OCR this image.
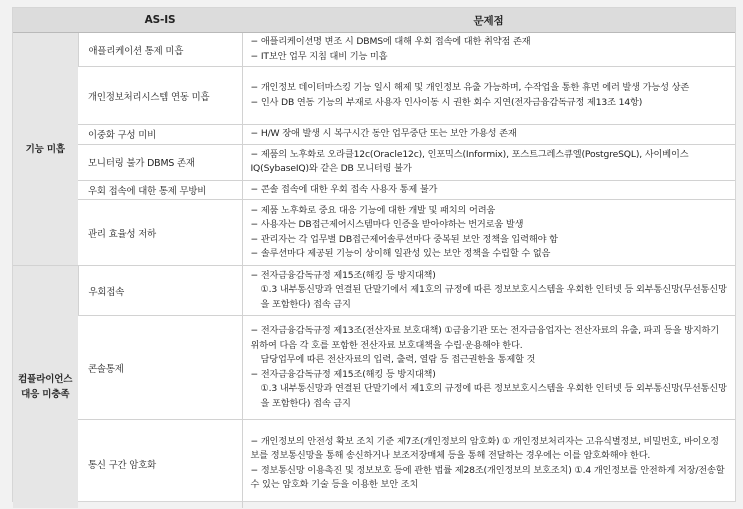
	AS-IS	문제점

기능 미흡	애플리케이션 통제 미흡	− 애플리케이션명 변조 시 DBMS에 대해 우회 접속에 대한 취약점 존재
− IT보안 업무 지침 대비 기능 미흡

	개인정보처리시스템 연동 미흡	− 개인정보 데이터마스킹 기능 일시 해제 및 개인정보 유출 가능하며, 수작업을 통한 휴먼 에러 발생 가능성 상존
− 인사 DB 연동 기능의 부재로 사용자 인사이동 시 권한 회수 지연(전자금융감독규정 제13조 14항)

	이중화 구성 미비	− H/W 장애 발생 시 복구시간 동안 업무중단 또는 보안 가용성 존재

	모니터링 불가 DBMS 존재	− 제품의 노후화로 오라클12c(Oracle12c), 인포믹스(Informix), 포스트그레스큐엘(PostgreSQL), 사이베이스IQ(SybaseIQ)와 같은 DB 모니터링 불가

	우회 접속에 대한 통제 무방비	− 콘솔 접속에 대한 우회 접속 사용자 통제 불가

	관리 효율성 저하	− 제품 노후화로 중요 대응 기능에 대한 개발 및 패치의 어려움
− 사용자는 DB접근제어시스템마다 인증을 받아야하는 번거로움 발생
− 관리자는 각 업무별 DB접근제어솔루션마다 중복된 보안 정책을 입력해야 함
− 솔루션마다 제공된 기능이 상이해 일관성 있는 보안 정책을 수립할 수 없음

컴플라이언스
대응 미충족	우회접속	− 전자금융감독규정 제15조(해킹 등 방지대책)
①.3 내부통신망과 연결된 단말기에서 제1호의 규정에 따른 정보보호시스템을 우회한 인터넷 등 외부통신망(무선통신망을 포함한다) 접속 금지

	콘솔통제	− 전자금융감독규정 제13조(전산자료 보호대책) ①금융기관 또는 전자금융업자는 전산자료의 유출, 파괴 등을 방지하기 위하여 다음 각 호를 포함한 전산자료 보호대책을 수립·운용해야 한다.
담당업무에 따른 전산자료의 입력, 출력, 열람 등 접근권한을 통제할 것
− 전자금융감독규정 제15조(해킹 등 방지대책)
①.3 내부통신망과 연결된 단말기에서 제1호의 규정에 따른 정보보호시스템을 우회한 인터넷 등 외부통신망(무선통신망을 포함한다) 접속 금지

	통신 구간 암호화	− 개인정보의 안전성 확보 조치 기준 제7조(개인정보의 암호화) ① 개인정보처리자는 고유식별정보, 비밀번호, 바이오정보를 정보통신망을 통해 송신하거나 보조저장매체 등을 통해 전달하는 경우에는 이를 암호화해야 한다.
− 정보통신망 이용촉진 및 정보보호 등에 관한 법률 제28조(개인정보의 보호조치) ①.4 개인정보를 안전하게 저장/전송할 수 있는 암호화 기술 등을 이용한 보안 조치
